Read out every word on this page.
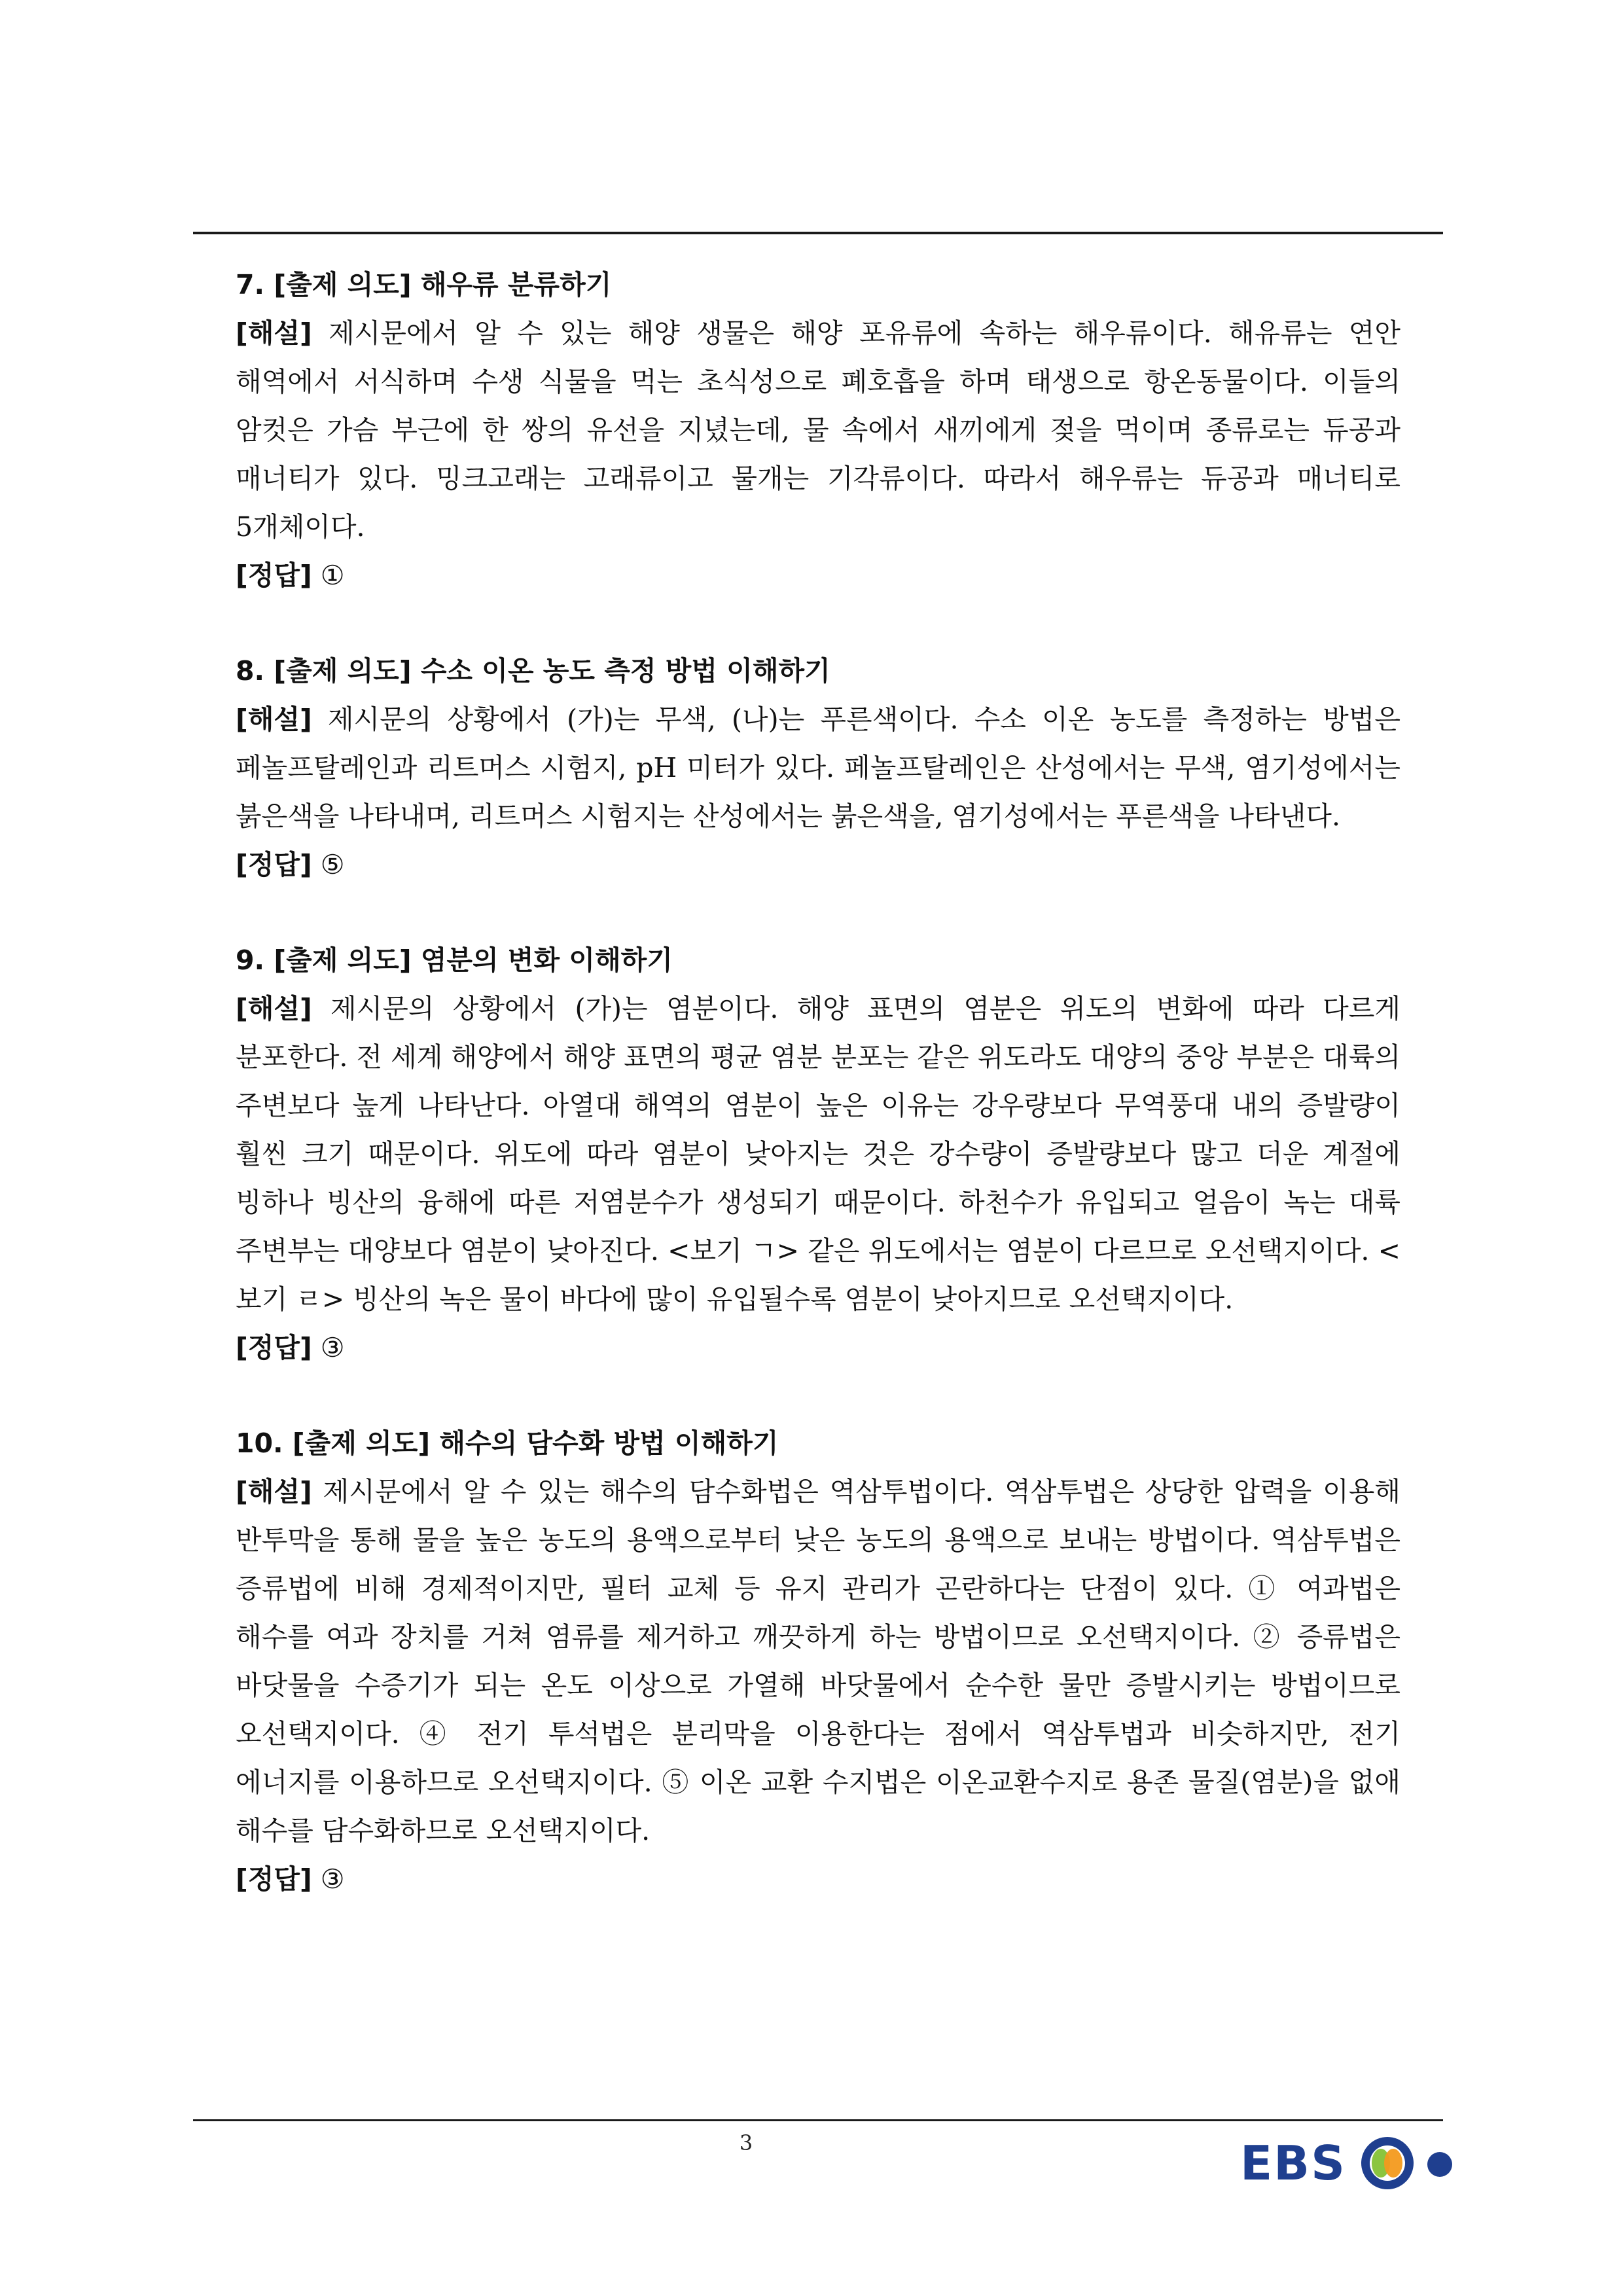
7. [출제 의도] 해우류 분류하기

[해설] 제시문에서 알 수 있는 해양 생물은 해양 포유류에 속하는 해우류이다. 해유류는 연안 해역에서 서식하며 수생 식물을 먹는 초식성으로 폐호흡을 하며 태생으로 항온동물이다. 이들의 암컷은 가슴 부근에 한 쌍의 유선을 지녔는데, 물 속에서 새끼에게 젖을 먹이며 종류로는 듀공과 매너티가 있다. 밍크고래는 고래류이고 물개는 기각류이다. 따라서 해우류는 듀공과 매너티로 5개체이다.

[정답] ①

8. [출제 의도] 수소 이온 농도 측정 방법 이해하기

[해설] 제시문의 상황에서 (가)는 무색, (나)는 푸른색이다. 수소 이온 농도를 측정하는 방법은 페놀프탈레인과 리트머스 시험지, pH 미터가 있다. 페놀프탈레인은 산성에서는 무색, 염기성에서는 붉은색을 나타내며, 리트머스 시험지는 산성에서는 붉은색을, 염기성에서는 푸른색을 나타낸다.

[정답] ⑤

9. [출제 의도] 염분의 변화 이해하기

[해설] 제시문의 상황에서 (가)는 염분이다. 해양 표면의 염분은 위도의 변화에 따라 다르게 분포한다. 전 세계 해양에서 해양 표면의 평균 염분 분포는 같은 위도라도 대양의 중앙 부분은 대륙의 주변보다 높게 나타난다. 아열대 해역의 염분이 높은 이유는 강우량보다 무역풍대 내의 증발량이 훨씬 크기 때문이다. 위도에 따라 염분이 낮아지는 것은 강수량이 증발량보다 많고 더운 계절에 빙하나 빙산의 융해에 따른 저염분수가 생성되기 때문이다. 하천수가 유입되고 얼음이 녹는 대륙 주변부는 대양보다 염분이 낮아진다. <보기 ㄱ> 같은 위도에서는 염분이 다르므로 오선택지이다. <보기 ㄹ> 빙산의 녹은 물이 바다에 많이 유입될수록 염분이 낮아지므로 오선택지이다.

[정답] ③

10. [출제 의도] 해수의 담수화 방법 이해하기

[해설] 제시문에서 알 수 있는 해수의 담수화법은 역삼투법이다. 역삼투법은 상당한 압력을 이용해 반투막을 통해 물을 높은 농도의 용액으로부터 낮은 농도의 용액으로 보내는 방법이다. 역삼투법은 증류법에 비해 경제적이지만, 필터 교체 등 유지 관리가 곤란하다는 단점이 있다. ① 여과법은 해수를 여과 장치를 거쳐 염류를 제거하고 깨끗하게 하는 방법이므로 오선택지이다. ② 증류법은 바닷물을 수증기가 되는 온도 이상으로 가열해 바닷물에서 순수한 물만 증발시키는 방법이므로 오선택지이다. ④ 전기 투석법은 분리막을 이용한다는 점에서 역삼투법과 비슷하지만, 전기 에너지를 이용하므로 오선택지이다. ⑤ 이온 교환 수지법은 이온교환수지로 용존 물질(염분)을 없애 해수를 담수화하므로 오선택지이다.

[정답] ③

3	EBS
